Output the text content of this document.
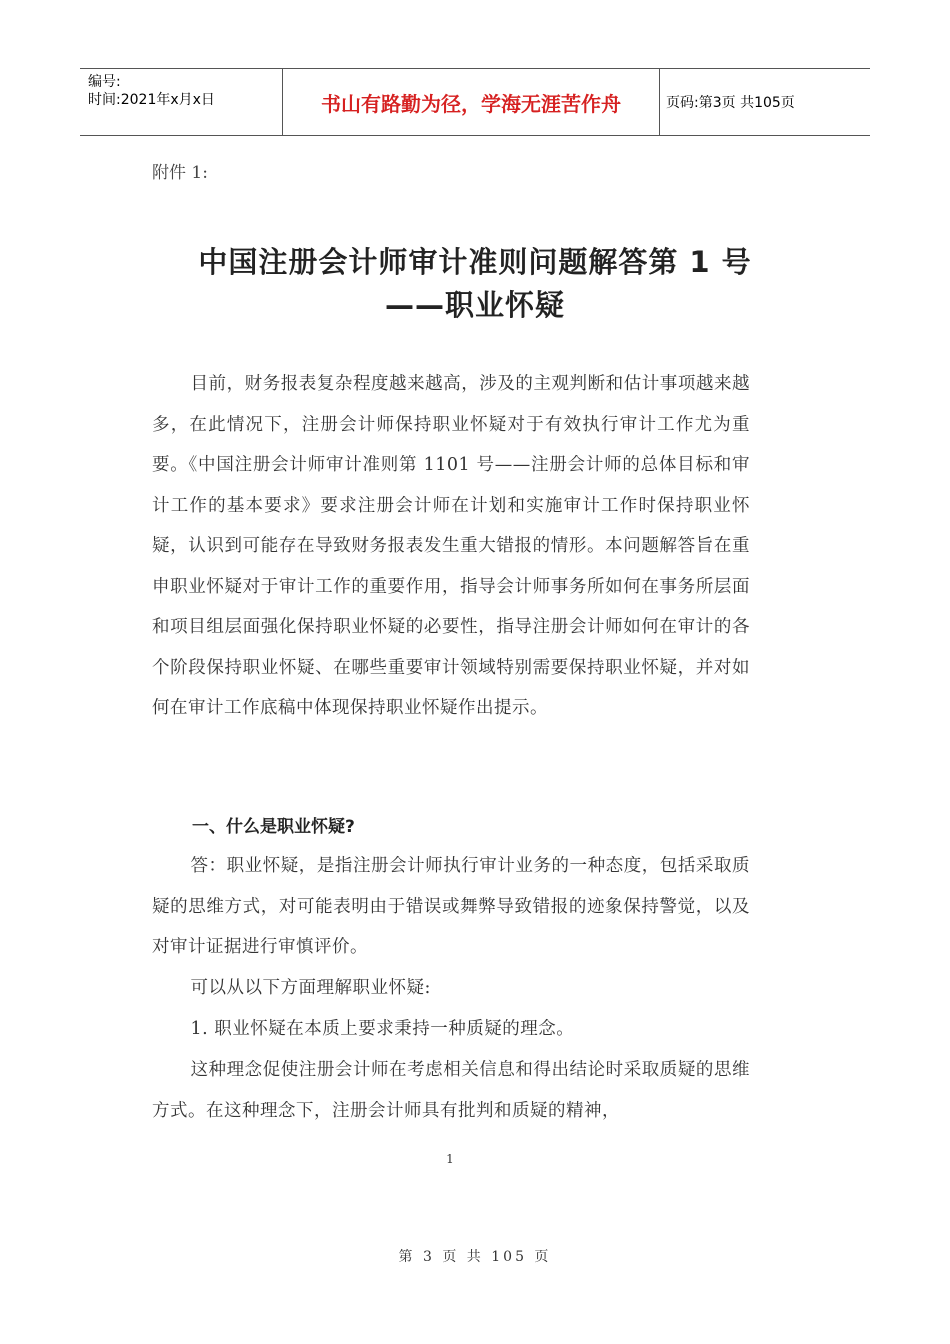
编号:
时间:2021年x月x日	书山有路勤为径，学海无涯苦作舟	页码:第3页 共105页
附件 1:
中国注册会计师审计准则问题解答第 1 号
——职业怀疑
目前，财务报表复杂程度越来越高，涉及的主观判断和估计事项越来越多，在此情况下，注册会计师保持职业怀疑对于有效执行审计工作尤为重要。《中国注册会计师审计准则第 1101 号——注册会计师的总体目标和审计工作的基本要求》要求注册会计师在计划和实施审计工作时保持职业怀疑，认识到可能存在导致财务报表发生重大错报的情形。本问题解答旨在重申职业怀疑对于审计工作的重要作用，指导会计师事务所如何在事务所层面和项目组层面强化保持职业怀疑的必要性，指导注册会计师如何在审计的各个阶段保持职业怀疑、在哪些重要审计领域特别需要保持职业怀疑，并对如何在审计工作底稿中体现保持职业怀疑作出提示。
一、什么是职业怀疑?
答：职业怀疑，是指注册会计师执行审计业务的一种态度，包括采取质疑的思维方式，对可能表明由于错误或舞弊导致错报的迹象保持警觉，以及对审计证据进行审慎评价。
可以从以下方面理解职业怀疑:
1. 职业怀疑在本质上要求秉持一种质疑的理念。
这种理念促使注册会计师在考虑相关信息和得出结论时采取质疑的思维方式。在这种理念下，注册会计师具有批判和质疑的精神，
1
第 3 页 共 105 页
